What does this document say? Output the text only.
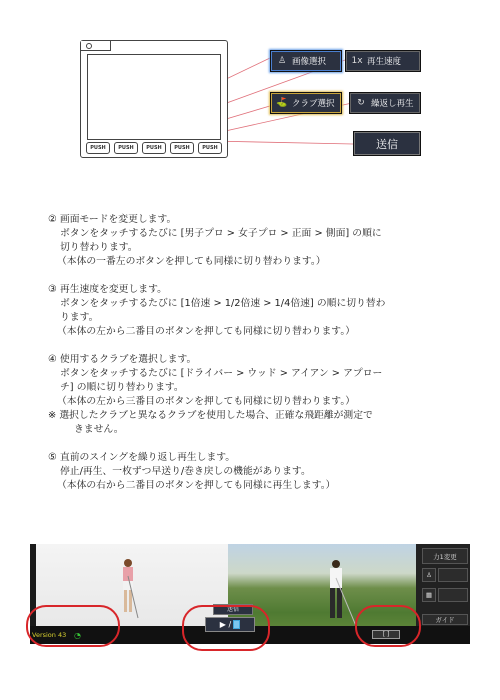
PUSH	PUSH	PUSH	PUSH	PUSH
♙ 画像選択	1x 再生速度
⛳ クラブ選択	↻ 繰返し再生
送信
② 画面モードを変更します。
ボタンをタッチするたびに [男子プロ > 女子プロ > 正面 > 側面] の順に
切り替わります。
（本体の一番左のボタンを押しても同様に切り替わります。）
③ 再生速度を変更します。
ボタンをタッチするたびに [1倍速 > 1/2倍速 > 1/4倍速] の順に切り替わ
ります。
（本体の左から二番目のボタンを押しても同様に切り替わります。）
④ 使用するクラブを選択します。
ボタンをタッチするたびに [ドライバー > ウッド > アイアン > アプロー
チ] の順に切り替わります。
（本体の左から三番目のボタンを押しても同様に切り替わります。）
※ 選択したクラブと異なるクラブを使用した場合、正確な飛距離が測定で
きません。
⑤ 直前のスイングを繰り返し再生します。
停止/再生、一枚ずつ早送り/巻き戻しの機能があります。
（本体の右から二番目のボタンを押しても同様に再生します。）
力1変更
♙
▦
ガイド
Version 43 ◔
送信
▶ /
[ ]
